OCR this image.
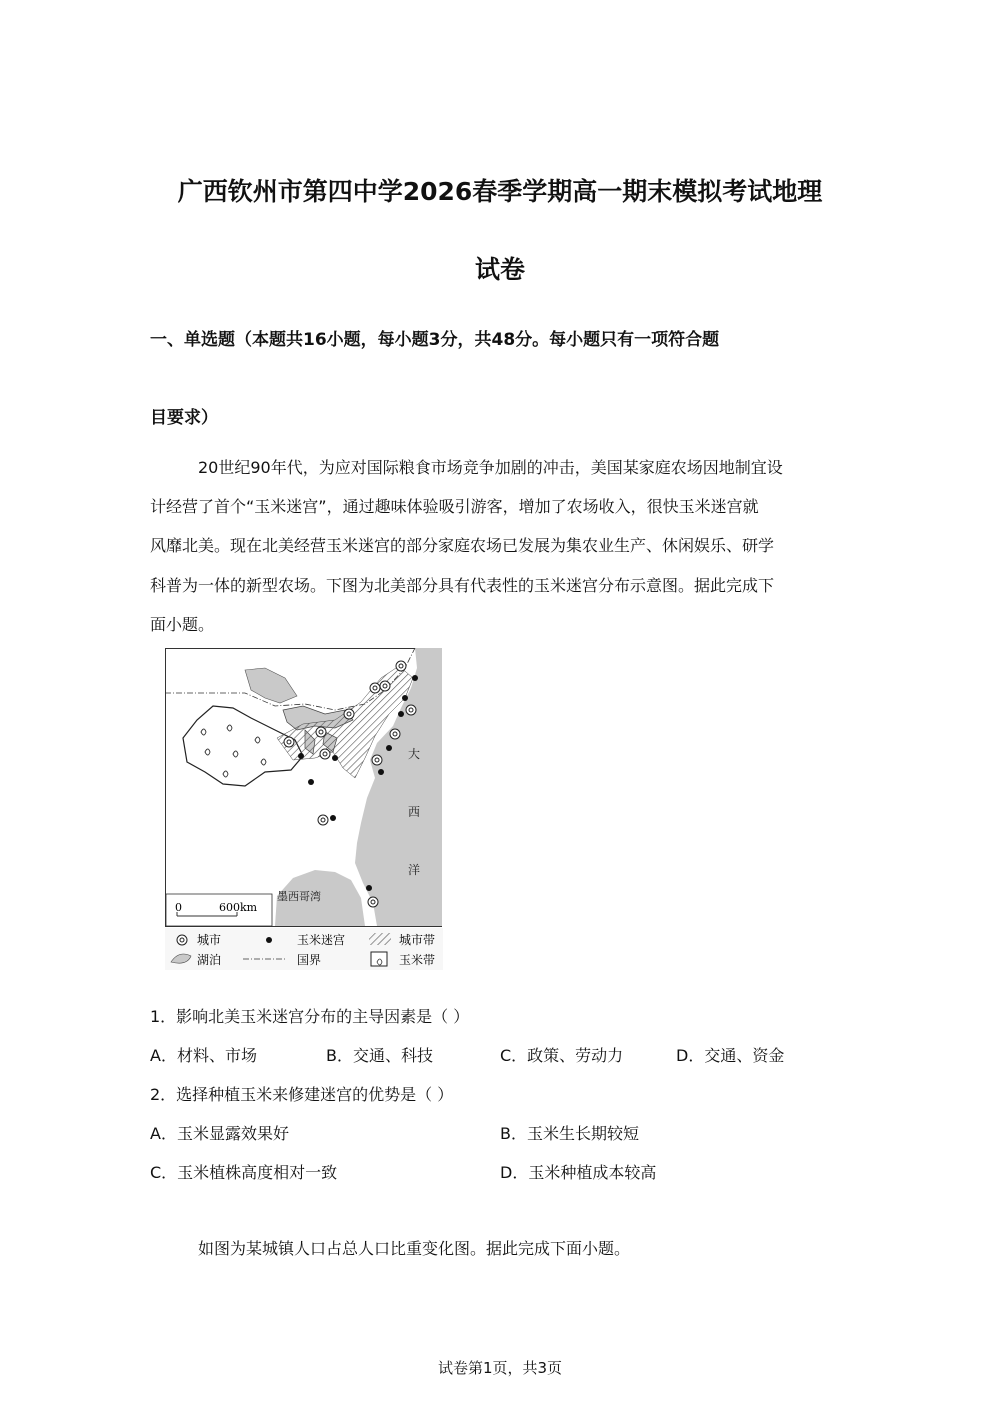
广西钦州市第四中学2026春季学期高一期末模拟考试地理
试卷
一、单选题（本题共16小题，每小题3分，共48分。每小题只有一项符合题
目要求）
20世纪90年代，为应对国际粮食市场竞争加剧的冲击，美国某家庭农场因地制宜设
计经营了首个“玉米迷宫”，通过趣味体验吸引游客，增加了农场收入，很快玉米迷宫就
风靡北美。现在北美经营玉米迷宫的部分家庭农场已发展为集农业生产、休闲娱乐、研学
科普为一体的新型农场。下图为北美部分具有代表性的玉米迷宫分布示意图。据此完成下
面小题。
大
西
洋
墨西哥湾
0	600km
城市	玉米迷宫	城市带
湖泊	国界	玉米带
1．影响北美玉米迷宫分布的主导因素是（ ）
A．材料、市场	B．交通、科技	C．政策、劳动力	D．交通、资金
2．选择种植玉米来修建迷宫的优势是（ ）
A．玉米显露效果好	B．玉米生长期较短
C．玉米植株高度相对一致	D．玉米种植成本较高
如图为某城镇人口占总人口比重变化图。据此完成下面小题。
试卷第1页，共3页
